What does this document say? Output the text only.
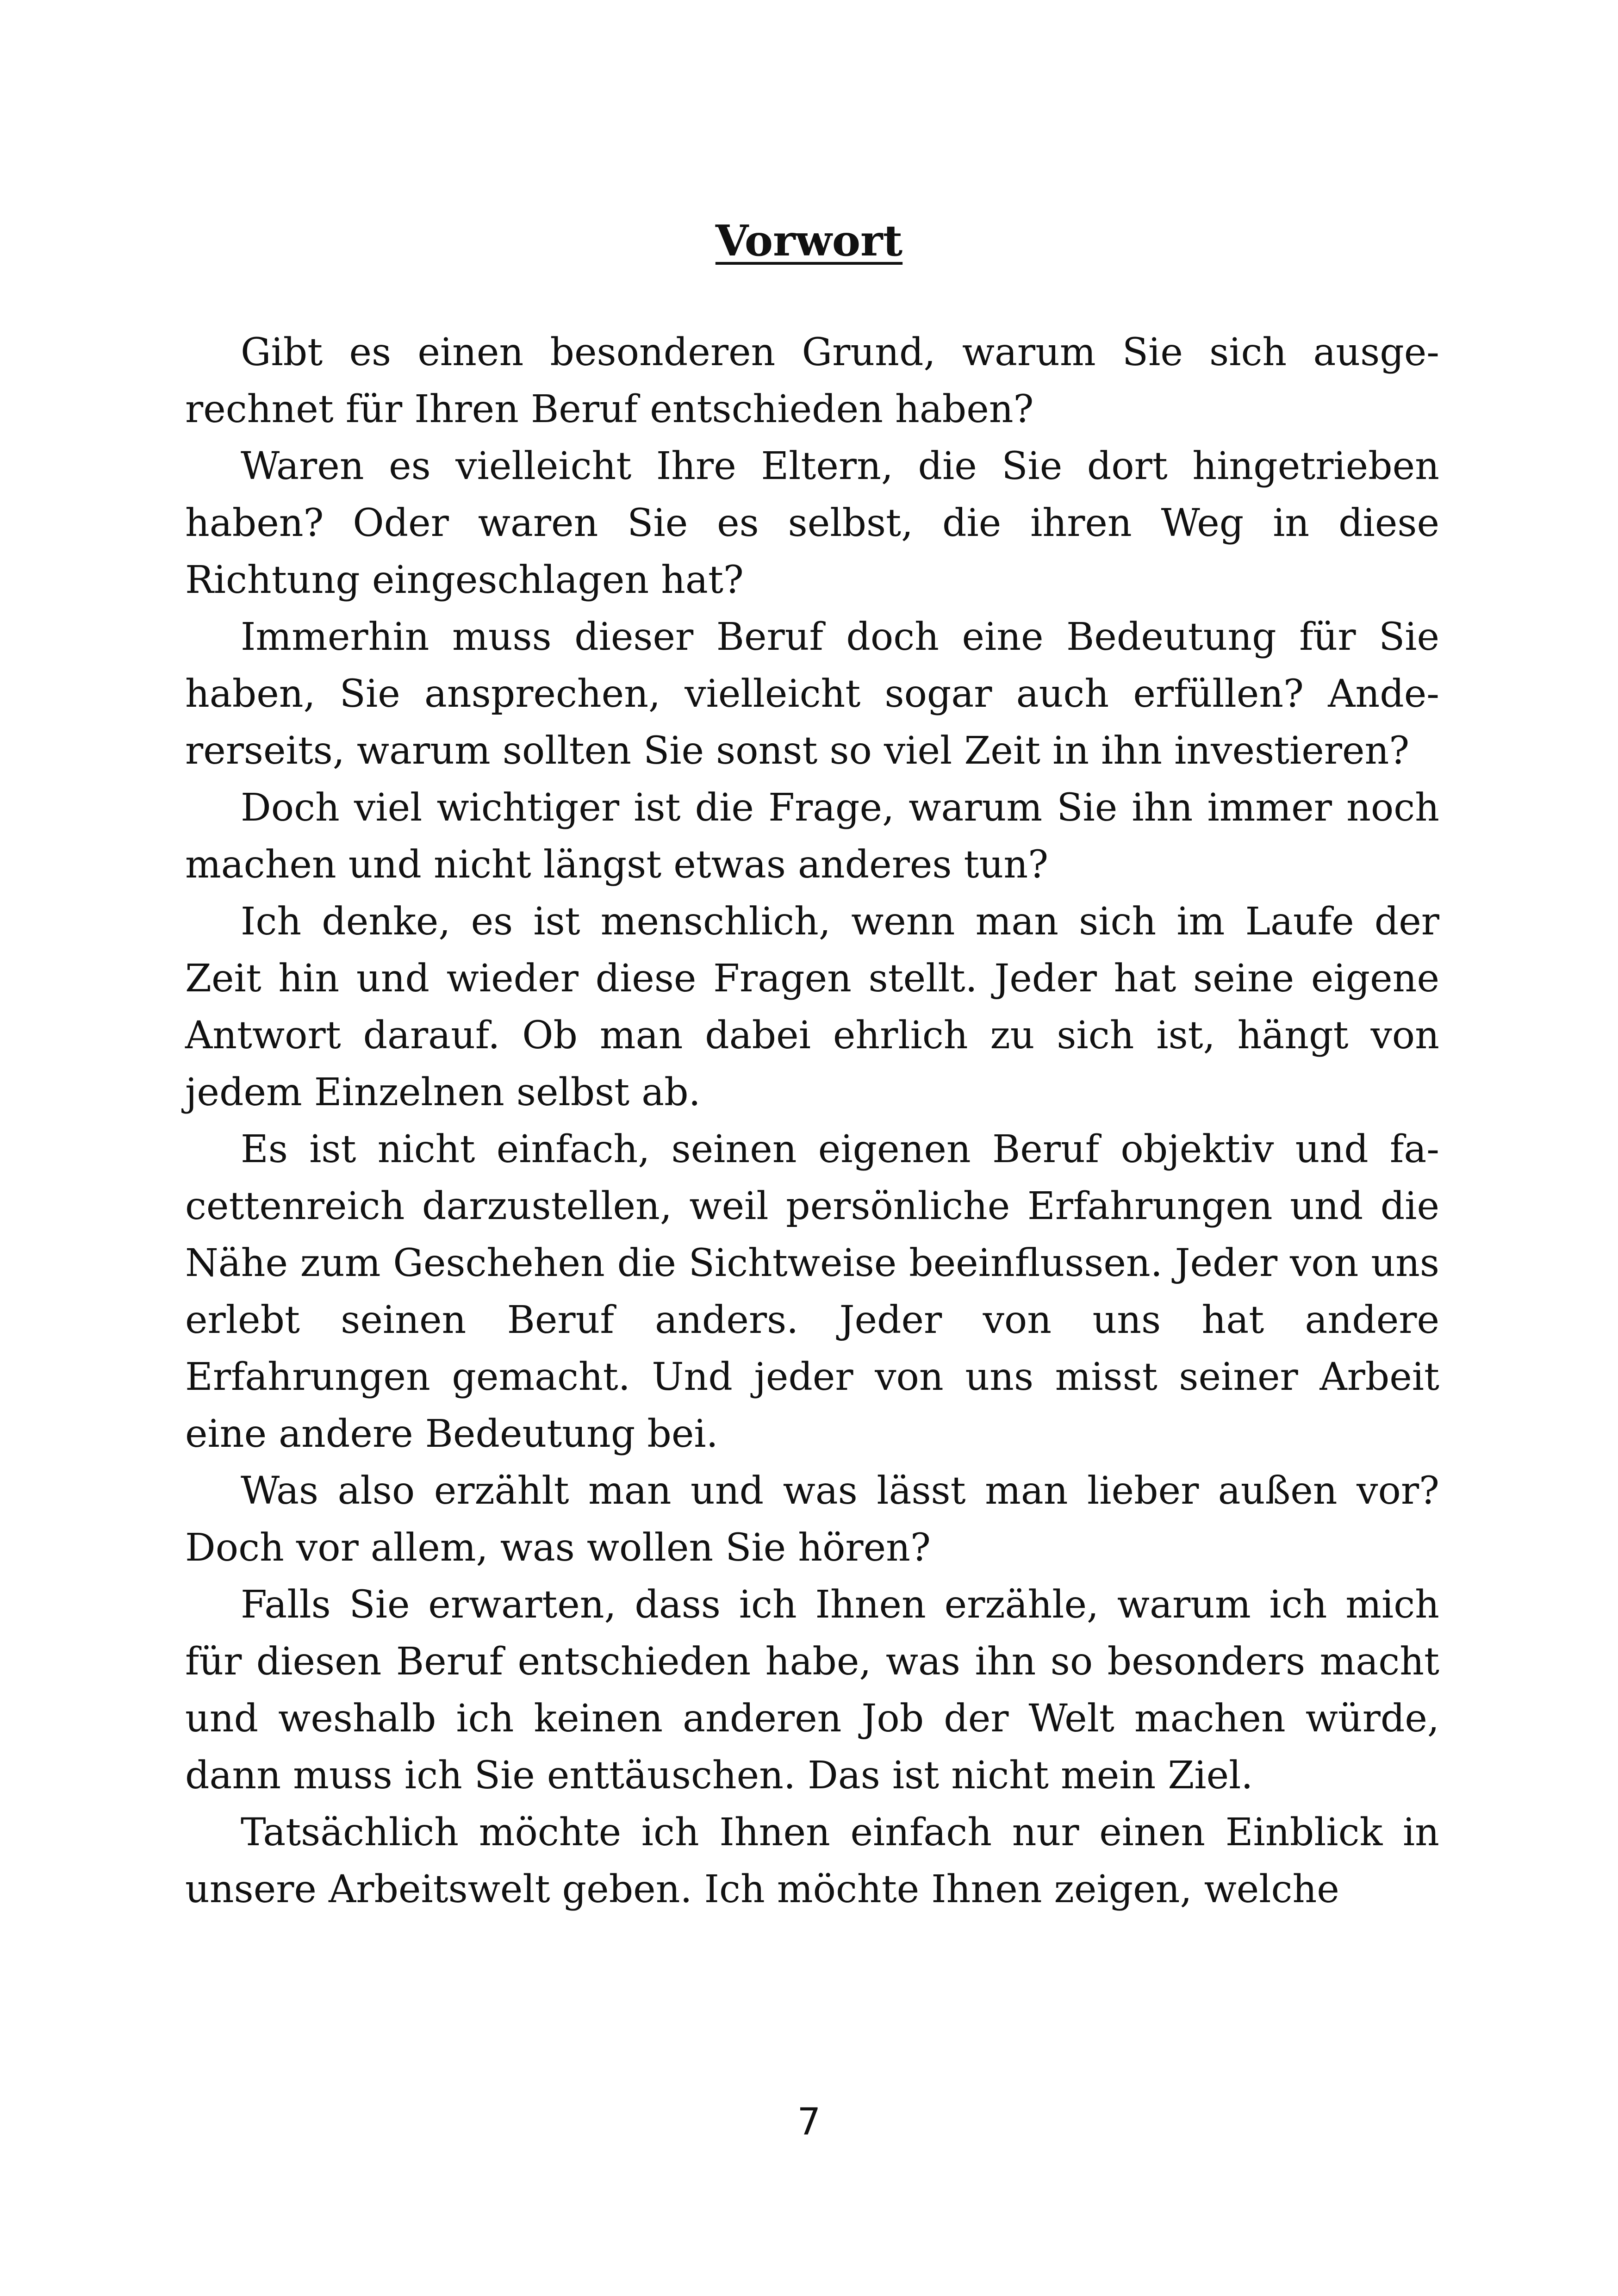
Vorwort

Gibt es einen besonderen Grund, warum Sie sich ausgerechnet für Ihren Beruf entschieden haben?

Waren es vielleicht Ihre Eltern, die Sie dort hingetrieben haben? Oder waren Sie es selbst, die ihren Weg in diese Richtung eingeschlagen hat?

Immerhin muss dieser Beruf doch eine Bedeutung für Sie haben, Sie ansprechen, vielleicht sogar auch erfüllen? Andererseits, warum sollten Sie sonst so viel Zeit in ihn investieren?

Doch viel wichtiger ist die Frage, warum Sie ihn immer noch machen und nicht längst etwas anderes tun?

Ich denke, es ist menschlich, wenn man sich im Laufe der Zeit hin und wieder diese Fragen stellt. Jeder hat seine eigene Antwort darauf. Ob man dabei ehrlich zu sich ist, hängt von jedem Einzelnen selbst ab.

Es ist nicht einfach, seinen eigenen Beruf objektiv und facettenreich darzustellen, weil persönliche Erfahrungen und die Nähe zum Geschehen die Sichtweise beeinflussen. Jeder von uns erlebt seinen Beruf anders. Jeder von uns hat andere Erfahrungen gemacht. Und jeder von uns misst seiner Arbeit eine andere Bedeutung bei.

Was also erzählt man und was lässt man lieber außen vor? Doch vor allem, was wollen Sie hören?

Falls Sie erwarten, dass ich Ihnen erzähle, warum ich mich für diesen Beruf entschieden habe, was ihn so besonders macht und weshalb ich keinen anderen Job der Welt machen würde, dann muss ich Sie enttäuschen. Das ist nicht mein Ziel.

Tatsächlich möchte ich Ihnen einfach nur einen Einblick in unsere Arbeitswelt geben. Ich möchte Ihnen zeigen, welche

7
